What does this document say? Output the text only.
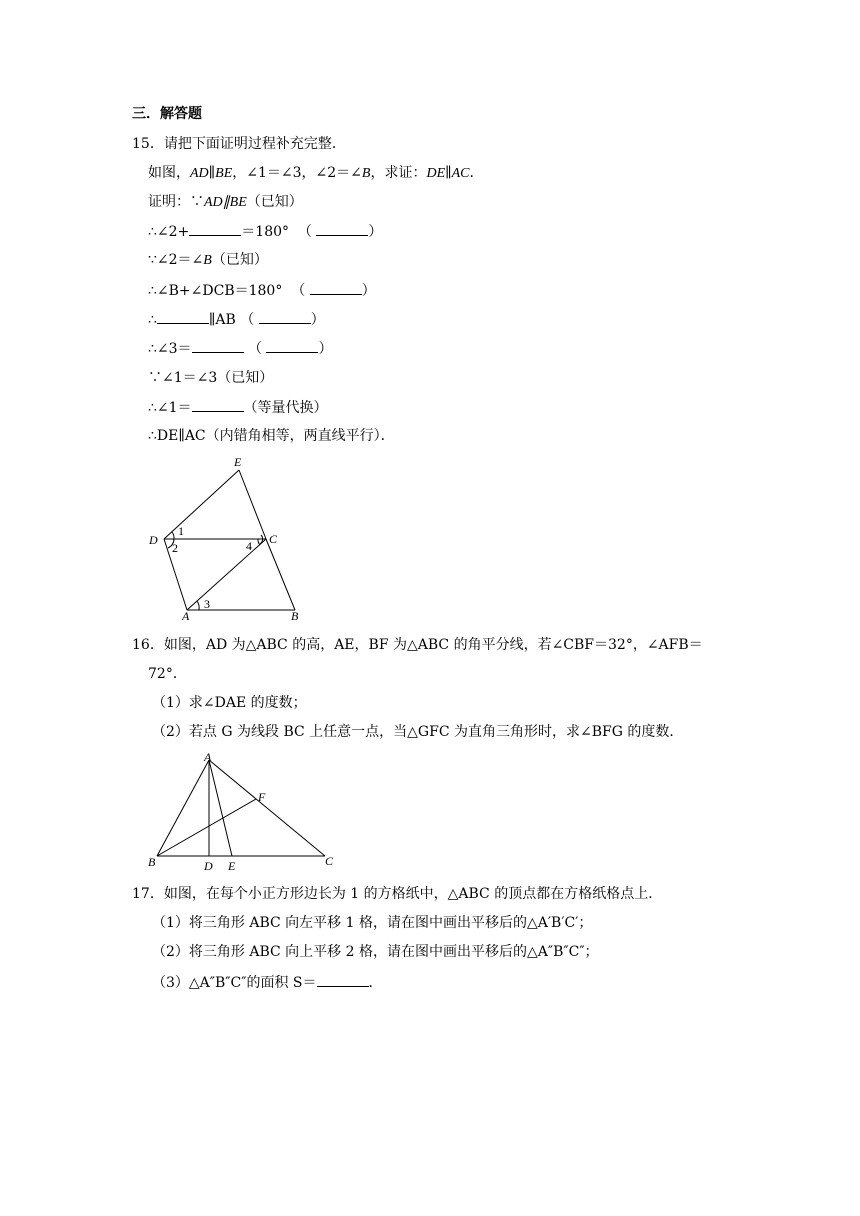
三．解答题
15．请把下面证明过程补充完整．
如图，AD∥BE，∠1＝∠3，∠2＝∠B，求证：DE∥AC．
证明：∵AD∥BE（已知）
∴∠2+	＝180°  （	）
∵∠2＝∠B（已知）
∴∠B+∠DCB＝180°  （	）
∴	∥AB （	）
∴∠3＝	（	）
∵∠1＝∠3（已知）
∴∠1＝	（等量代换）
∴DE∥AC（内错角相等，两直线平行）．
E
D	C
A	B
1
2
3
4
16．如图，AD 为△ABC 的高，AE，BF 为△ABC 的角平分线，若∠CBF＝32°，∠AFB＝
72°．
（1）求∠DAE 的度数；
（2）若点 G 为线段 BC 上任意一点，当△GFC 为直角三角形时，求∠BFG 的度数．
A
F
B	D E	C
17．如图，在每个小正方形边长为 1 的方格纸中，△ABC 的顶点都在方格纸格点上．
（1）将三角形 ABC 向左平移 1 格，请在图中画出平移后的△A′B′C′；
（2）将三角形 ABC 向上平移 2 格，请在图中画出平移后的△A″B″C″；
（3）△A″B″C″的面积 S＝	．
